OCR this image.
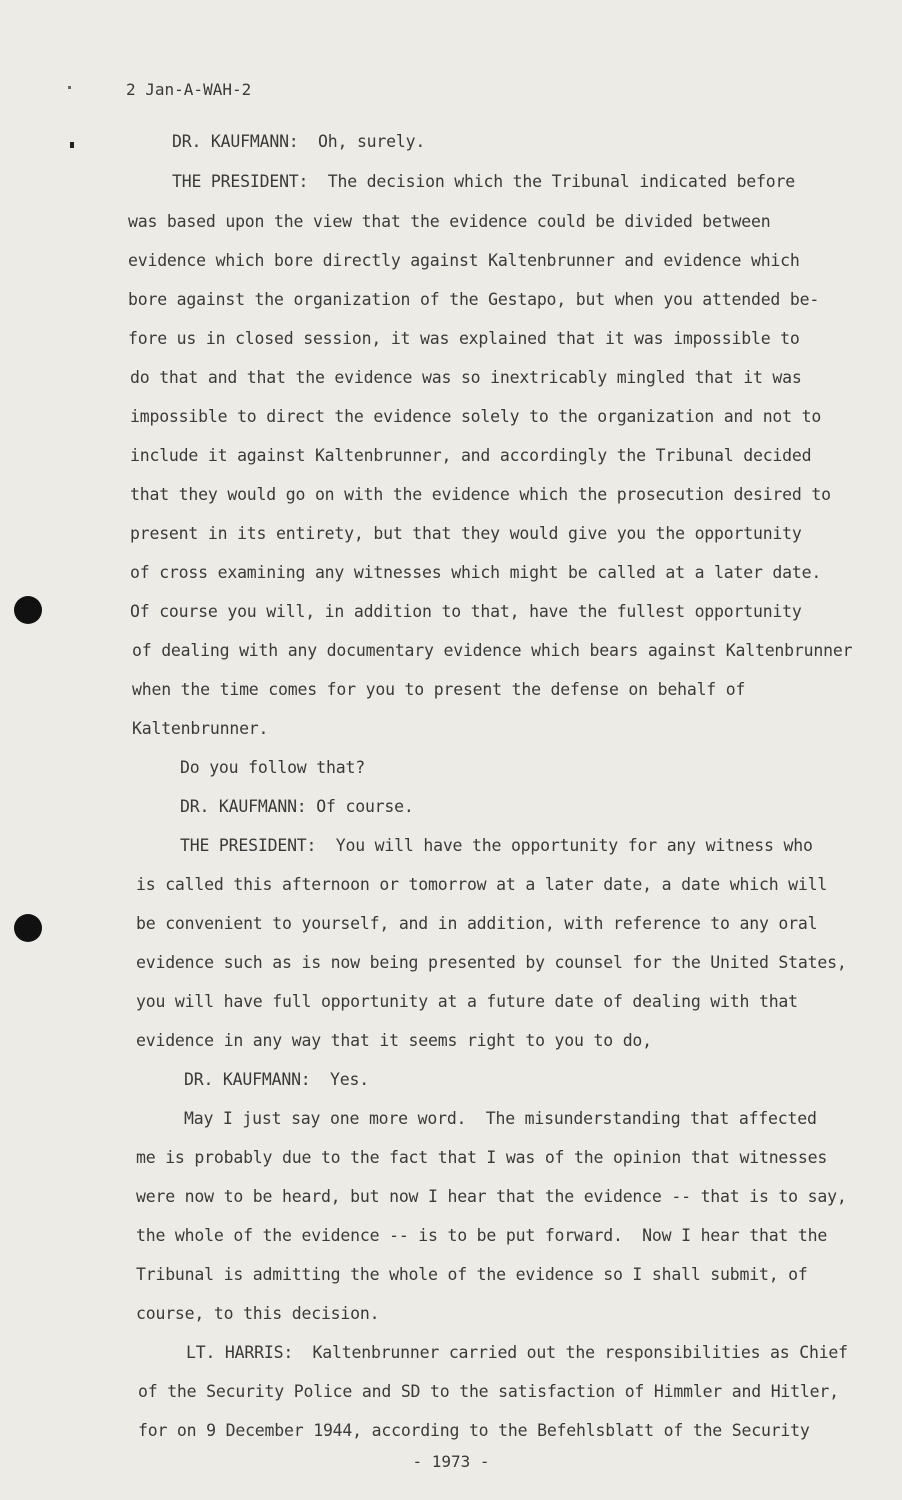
2 Jan-A-WAH-2
DR. KAUFMANN:  Oh, surely.
THE PRESIDENT:  The decision which the Tribunal indicated before
was based upon the view that the evidence could be divided between
evidence which bore directly against Kaltenbrunner and evidence which
bore against the organization of the Gestapo, but when you attended be-
fore us in closed session, it was explained that it was impossible to
do that and that the evidence was so inextricably mingled that it was
impossible to direct the evidence solely to the organization and not to
include it against Kaltenbrunner, and accordingly the Tribunal decided
that they would go on with the evidence which the prosecution desired to
present in its entirety, but that they would give you the opportunity
of cross examining any witnesses which might be called at a later date.
Of course you will, in addition to that, have the fullest opportunity
of dealing with any documentary evidence which bears against Kaltenbrunner
when the time comes for you to present the defense on behalf of
Kaltenbrunner.
Do you follow that?
DR. KAUFMANN: Of course.
THE PRESIDENT:  You will have the opportunity for any witness who
is called this afternoon or tomorrow at a later date, a date which will
be convenient to yourself, and in addition, with reference to any oral
evidence such as is now being presented by counsel for the United States,
you will have full opportunity at a future date of dealing with that
evidence in any way that it seems right to you to do,
DR. KAUFMANN:  Yes.
May I just say one more word.  The misunderstanding that affected
me is probably due to the fact that I was of the opinion that witnesses
were now to be heard, but now I hear that the evidence -- that is to say,
the whole of the evidence -- is to be put forward.  Now I hear that the
Tribunal is admitting the whole of the evidence so I shall submit, of
course, to this decision.
LT. HARRIS:  Kaltenbrunner carried out the responsibilities as Chief
of the Security Police and SD to the satisfaction of Himmler and Hitler,
for on 9 December 1944, according to the Befehlsblatt of the Security
- 1973 -
